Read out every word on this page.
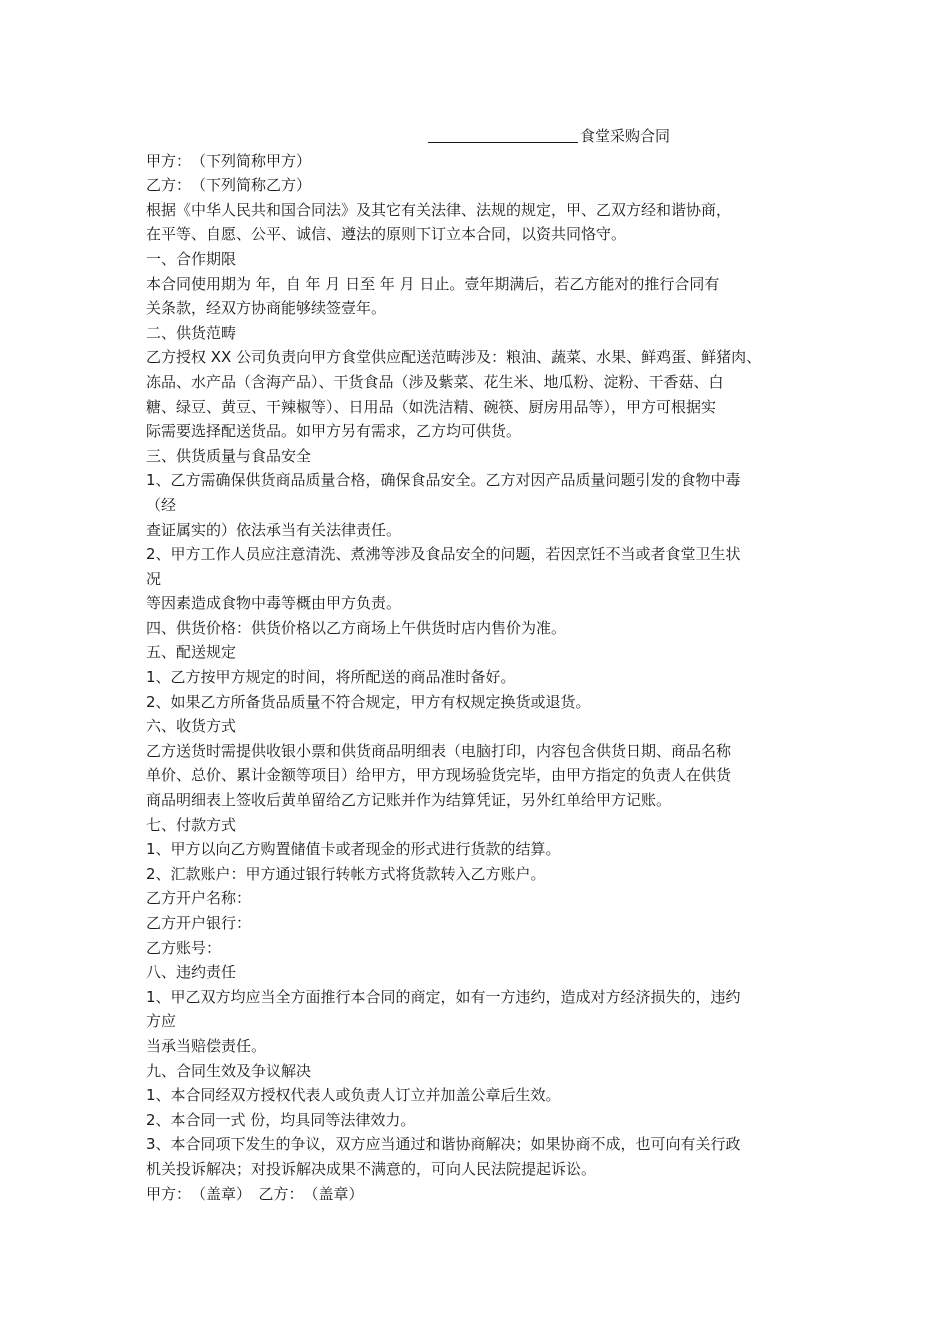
食堂采购合同
甲方：　（下列简称甲方）
乙方：　（下列简称乙方）
根据《中华人民共和国合同法》及其它有关法律、法规的规定，甲、乙双方经和谐协商，
在平等、自愿、公平、诚信、遵法的原则下订立本合同，以资共同恪守。
一、合作期限
本合同使用期为 年，自 年 月 日至 年 月 日止。壹年期满后，若乙方能对的推行合同有
关条款，经双方协商能够续签壹年。
二、供货范畴
乙方授权 XX 公司负责向甲方食堂供应配送范畴涉及：粮油、蔬菜、水果、鲜鸡蛋、鲜猪肉、
冻品、水产品（含海产品）、干货食品（涉及紫菜、花生米、地瓜粉、淀粉、干香菇、白
糖、绿豆、黄豆、干辣椒等）、日用品（如洗洁精、碗筷、厨房用品等），甲方可根据实
际需要选择配送货品。如甲方另有需求，乙方均可供货。
三、供货质量与食品安全
1、乙方需确保供货商品质量合格，确保食品安全。乙方对因产品质量问题引发的食物中毒
（经
查证属实的）依法承当有关法律责任。
2、甲方工作人员应注意清洗、煮沸等涉及食品安全的问题，若因烹饪不当或者食堂卫生状
况
等因素造成食物中毒等概由甲方负责。
四、供货价格：供货价格以乙方商场上午供货时店内售价为准。
五、配送规定
1、乙方按甲方规定的时间，将所配送的商品准时备好。
2、如果乙方所备货品质量不符合规定，甲方有权规定换货或退货。
六、收货方式
乙方送货时需提供收银小票和供货商品明细表（电脑打印，内容包含供货日期、商品名称
单价、总价、累计金额等项目）给甲方，甲方现场验货完毕，由甲方指定的负责人在供货
商品明细表上签收后黄单留给乙方记账并作为结算凭证，另外红单给甲方记账。
七、付款方式
1、甲方以向乙方购置储值卡或者现金的形式进行货款的结算。
2、汇款账户：甲方通过银行转帐方式将货款转入乙方账户。
乙方开户名称：
乙方开户银行：
乙方账号：
八、违约责任
1、甲乙双方均应当全方面推行本合同的商定，如有一方违约，造成对方经济损失的，违约
方应
当承当赔偿责任。
九、合同生效及争议解决
1、本合同经双方授权代表人或负责人订立并加盖公章后生效。
2、本合同一式 份，均具同等法律效力。
3、本合同项下发生的争议，双方应当通过和谐协商解决；如果协商不成，也可向有关行政
机关投诉解决；对投诉解决成果不满意的，可向人民法院提起诉讼。
甲方：　（盖章）　乙方：　（盖章）
